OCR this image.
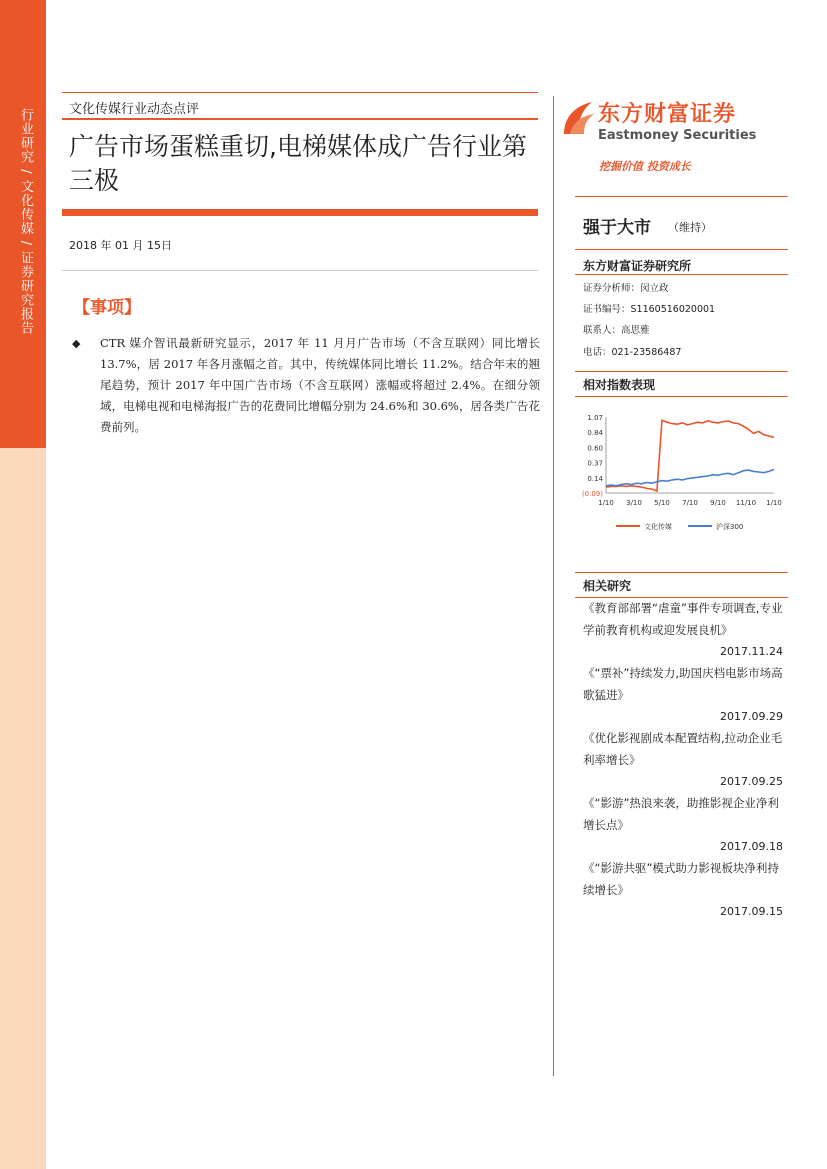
行业研究 / 文化传媒 / 证券研究报告	文化传媒行业动态点评
广告市场蛋糕重切,电梯媒体成广告行业第三极
2018 年 01 月 15日
【事项】
◆ CTR 媒介智讯最新研究显示，2017 年 11 月月广告市场（不含互联网）同比增长 13.7%，居 2017 年各月涨幅之首。其中，传统媒体同比增长 11.2%。结合年末的翘尾趋势，预计 2017 年中国广告市场（不含互联网）涨幅或将超过 2.4%。在细分领域，电梯电视和电梯海报广告的花费同比增幅分别为 24.6%和 30.6%，居各类广告花费前列。
东方财富证券
Eastmoney Securities
挖掘价值 投资成长
强于大市 （维持）
东方财富证券研究所
证券分析师：闵立政
证书编号：S1160516020001
联系人：高思雅
电话：021-23586487
相对指数表现
1.07
0.84
0.60
0.37
0.14
(0.09)
1/10 3/10 5/10 7/10 9/10 11/10 1/10
文化传媒	沪深300
相关研究
《教育部部署“虐童”事件专项调查,专业学前教育机构或迎发展良机》
2017.11.24
《“票补”持续发力,助国庆档电影市场高歌猛进》
2017.09.29
《优化影视剧成本配置结构,拉动企业毛利率增长》
2017.09.25
《“影游”热浪来袭，助推影视企业净利增长点》
2017.09.18
《“影游共驱”模式助力影视板块净利持续增长》
2017.09.15
